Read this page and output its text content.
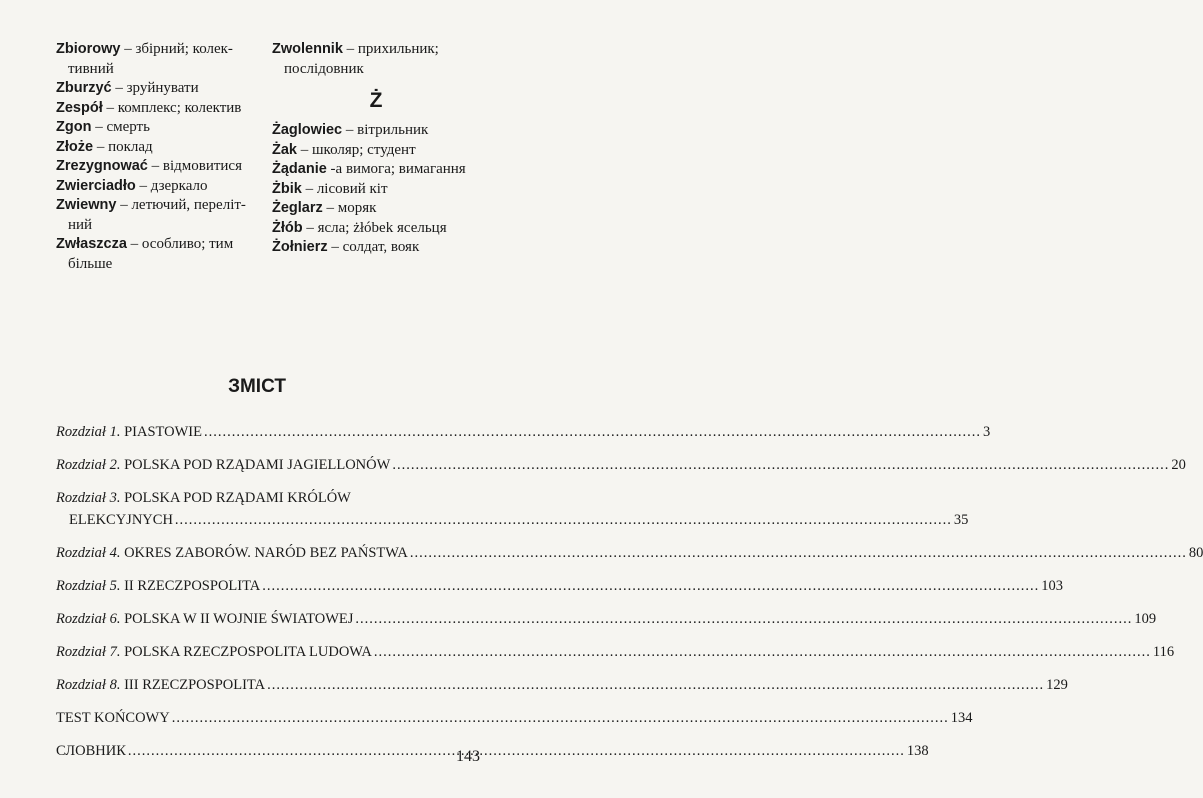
Zbiorowy – збірний; колек-
тивний

Zburzyć – зруйнувати

Zespół – комплекс; колектив

Zgon – смерть

Złoże – поклад

Zrezygnować – відмовитися

Zwierciadło – дзеркало

Zwiewny – летючий, переліт-
ний

Zwłaszcza – особливо; тим
більше

Zwolennik – прихильник;
послідовник

Ż

Żaglowiec – вітрильник

Żak – школяр; студент

Żądanie -а вимога; вимагання

Żbik – лісовий кіт

Żeglarz – моряк

Żłób – ясла; żłóbek ясельця

Żołnierz – солдат, вояк

ЗМІСТ
Rozdział 1. PIASTOWIE .....	3
Rozdział 2. POLSKA POD RZĄDAMI JAGIELLONÓW .....	20
Rozdział 3. POLSKA POD RZĄDAMI KRÓLÓW
ELEKCYJNYCH .....	35
Rozdział 4. OKRES ZABORÓW. NARÓD BEZ PAŃSTWA .....	80
Rozdział 5. II RZECZPOSPOLITA .....	103
Rozdział 6. POLSKA W II WOJNIE ŚWIATOWEJ .....	109
Rozdział 7. POLSKA RZECZPOSPOLITA LUDOWA .....	116
Rozdział 8. III RZECZPOSPOLITA .....	129
TEST KOŃCOWY .....	134
СЛОВНИК .....	138
143
